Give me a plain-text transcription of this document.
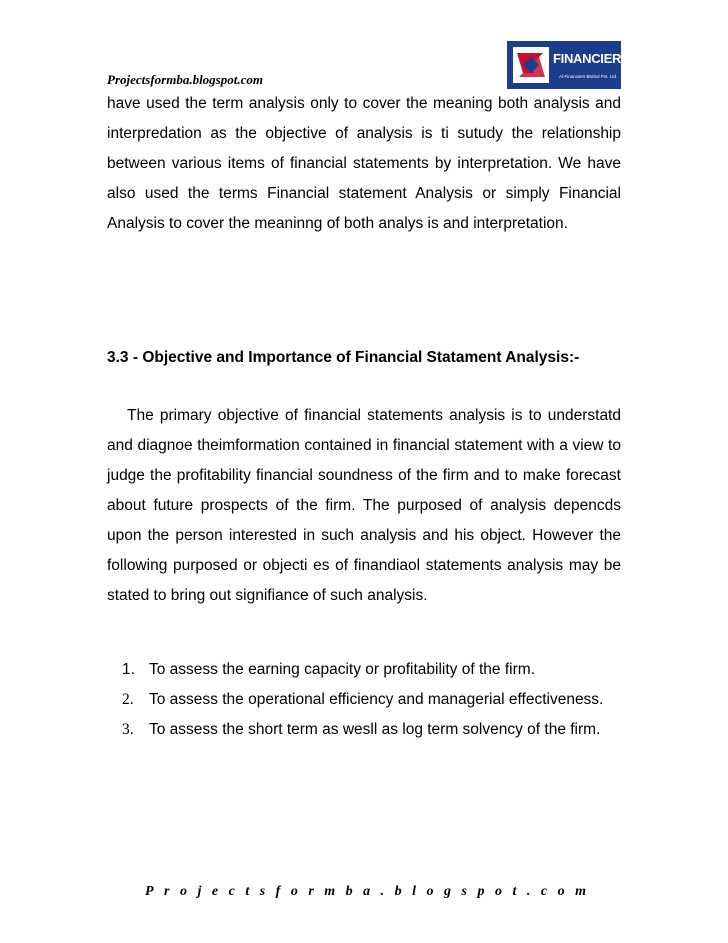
Projectsformba.blogspot.com
FINANCIERs
Al-Financiers Bnrbol Pvt. Ltd.
have used the term analysis only to cover the meaning both analysis and interpredation as the objective of analysis is ti sutudy the relationship between various items of financial statements by interpretation. We have also used the terms Financial statement Analysis or simply Financial Analysis to cover the meaninng of both analys is and interpretation.
3.3 - Objective and Importance of Financial Statament Analysis:-
The primary objective of financial statements analysis is to understatd and diagnoe theimformation contained in financial statement with a view to judge the profitability financial soundness of the firm and to make forecast about future prospects of the firm. The purposed of analysis depencds upon the person interested in such analysis and his object. However the following purposed or objecti es of finandiaol statements analysis may be stated to bring out signifiance of such analysis.
1. To assess the earning capacity or profitability of the firm.
2. To assess the operational efficiency and managerial effectiveness.
3. To assess the short term as wesll as log term solvency of the firm.
Projectsformba.blogspot.com
